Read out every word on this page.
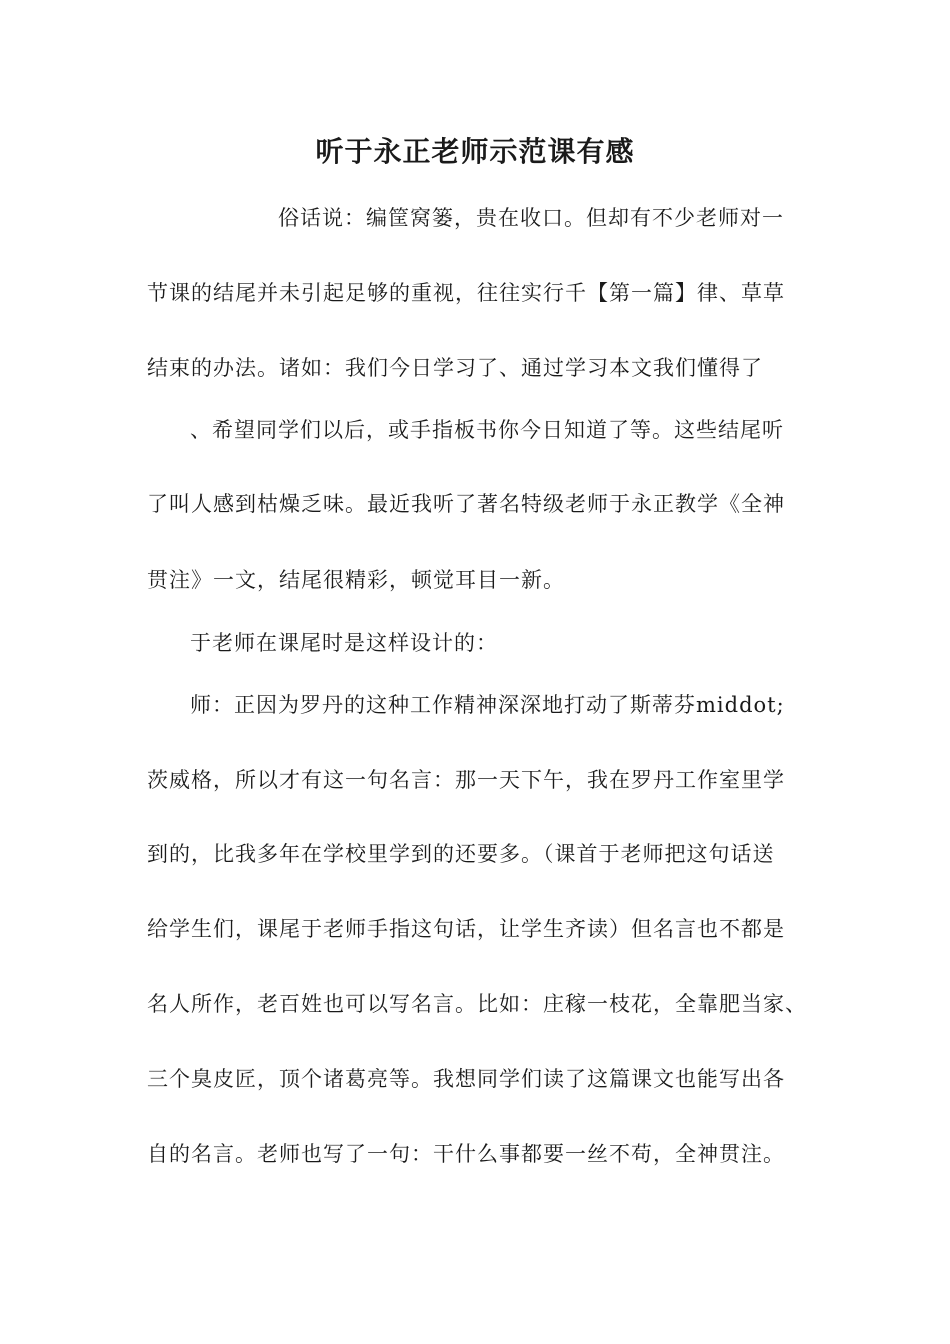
听于永正老师示范课有感
俗话说：编筐窝篓，贵在收口。但却有不少老师对一
节课的结尾并未引起足够的重视，往往实行千【第一篇】律、草草
结束的办法。诸如：我们今日学习了、通过学习本文我们懂得了
、希望同学们以后，或手指板书你今日知道了等。这些结尾听
了叫人感到枯燥乏味。最近我听了著名特级老师于永正教学《全神
贯注》一文，结尾很精彩，顿觉耳目一新。
于老师在课尾时是这样设计的：
师：正因为罗丹的这种工作精神深深地打动了斯蒂芬middot;
茨威格，所以才有这一句名言：那一天下午，我在罗丹工作室里学
到的，比我多年在学校里学到的还要多。（课首于老师把这句话送
给学生们，课尾于老师手指这句话，让学生齐读）但名言也不都是
名人所作，老百姓也可以写名言。比如：庄稼一枝花，全靠肥当家、
三个臭皮匠，顶个诸葛亮等。我想同学们读了这篇课文也能写出各
自的名言。老师也写了一句：干什么事都要一丝不苟，全神贯注。
